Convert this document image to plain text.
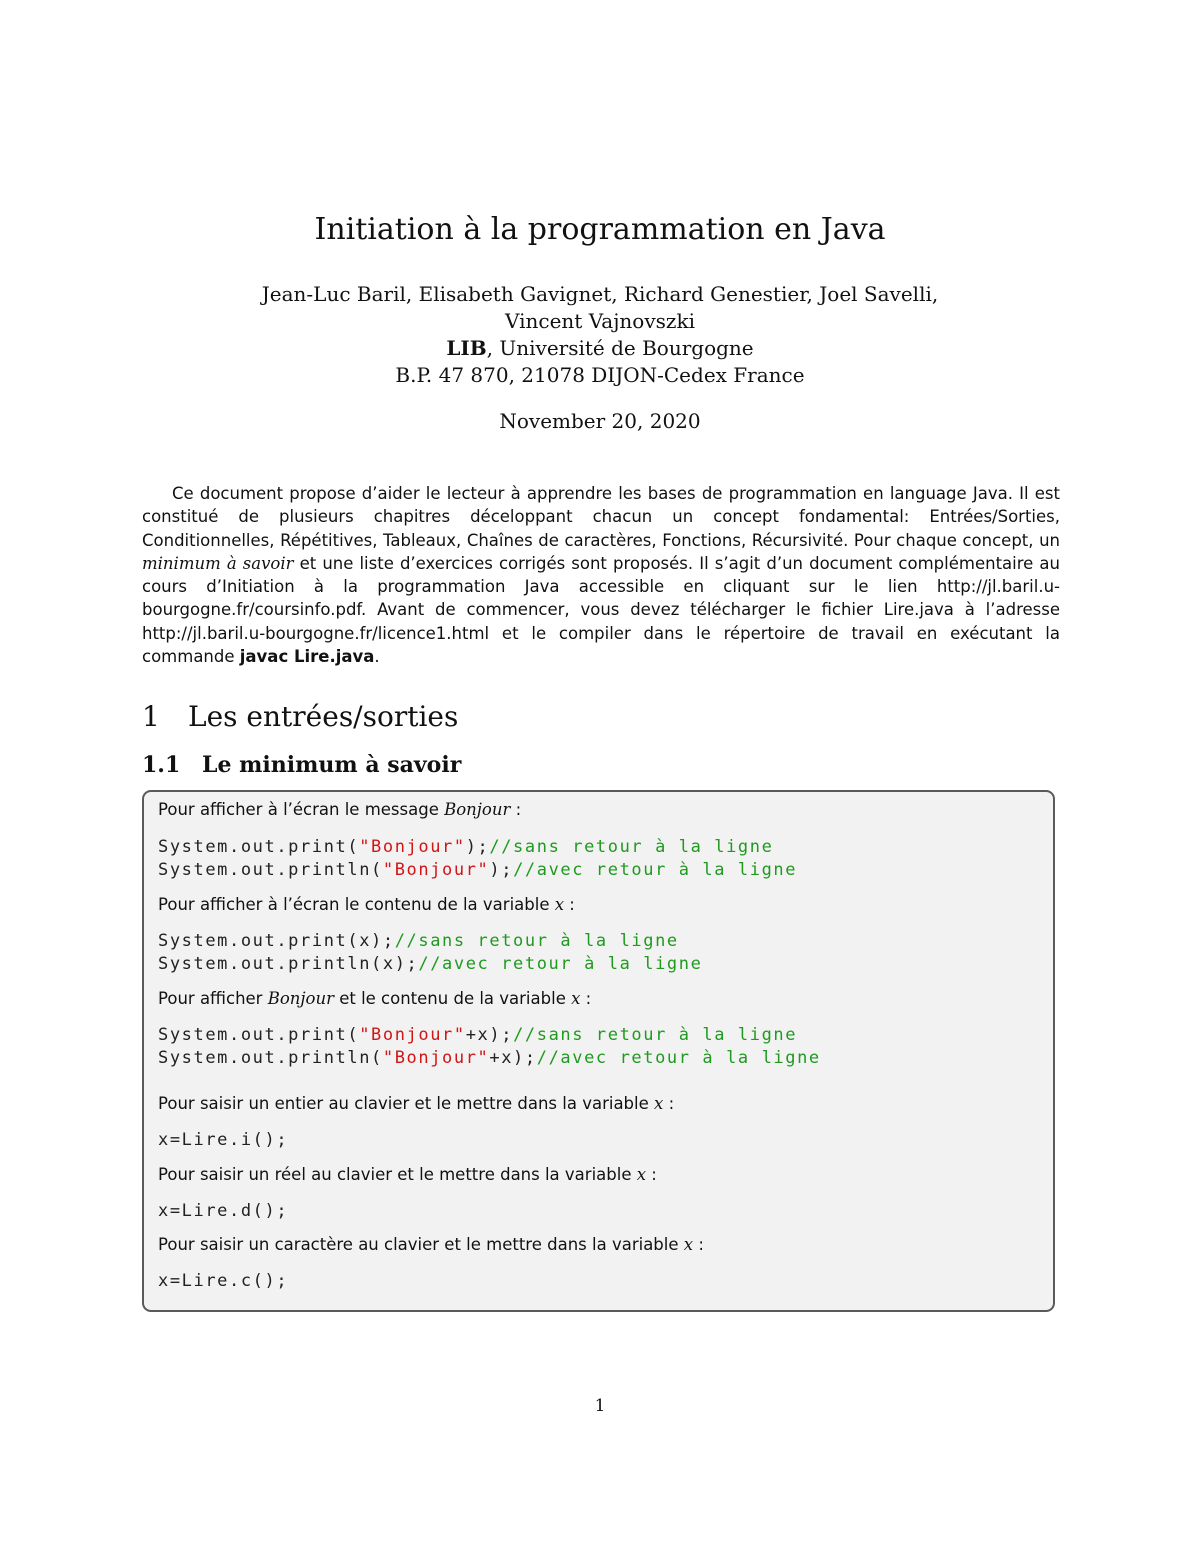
Initiation à la programmation en Java
Jean-Luc Baril, Elisabeth Gavignet, Richard Genestier, Joel Savelli,
Vincent Vajnovszki
LIB, Université de Bourgogne
B.P. 47 870, 21078 DIJON-Cedex France
November 20, 2020

Ce document propose d’aider le lecteur à apprendre les bases de programmation en language Java. Il est constitué de plusieurs chapitres déceloppant chacun un concept fondamental: Entrées/Sorties, Conditionnelles, Répétitives, Tableaux, Chaînes de caractères, Fonctions, Récursivité. Pour chaque concept, un minimum à savoir et une liste d’exercices corrigés sont proposés. Il s’agit d’un document complémentaire au cours d’Initiation à la programmation Java accessible en cliquant sur le lien http://jl.baril.u-bourgogne.fr/coursinfo.pdf. Avant de commencer, vous devez télécharger le fichier Lire.java à l’adresse http://jl.baril.u-bourgogne.fr/licence1.html et le compiler dans le répertoire de travail en exécutant la commande javac Lire.java.

1 Les entrées/sorties
1.1 Le minimum à savoir
Pour afficher à l’écran le message Bonjour :
System.out.print("Bonjour");//sans retour à la ligne
System.out.println("Bonjour");//avec retour à la ligne
Pour afficher à l’écran le contenu de la variable x :
System.out.print(x);//sans retour à la ligne
System.out.println(x);//avec retour à la ligne
Pour afficher Bonjour et le contenu de la variable x :
System.out.print("Bonjour"+x);//sans retour à la ligne
System.out.println("Bonjour"+x);//avec retour à la ligne
Pour saisir un entier au clavier et le mettre dans la variable x :
x=Lire.i();
Pour saisir un réel au clavier et le mettre dans la variable x :
x=Lire.d();
Pour saisir un caractère au clavier et le mettre dans la variable x :
x=Lire.c();
1
